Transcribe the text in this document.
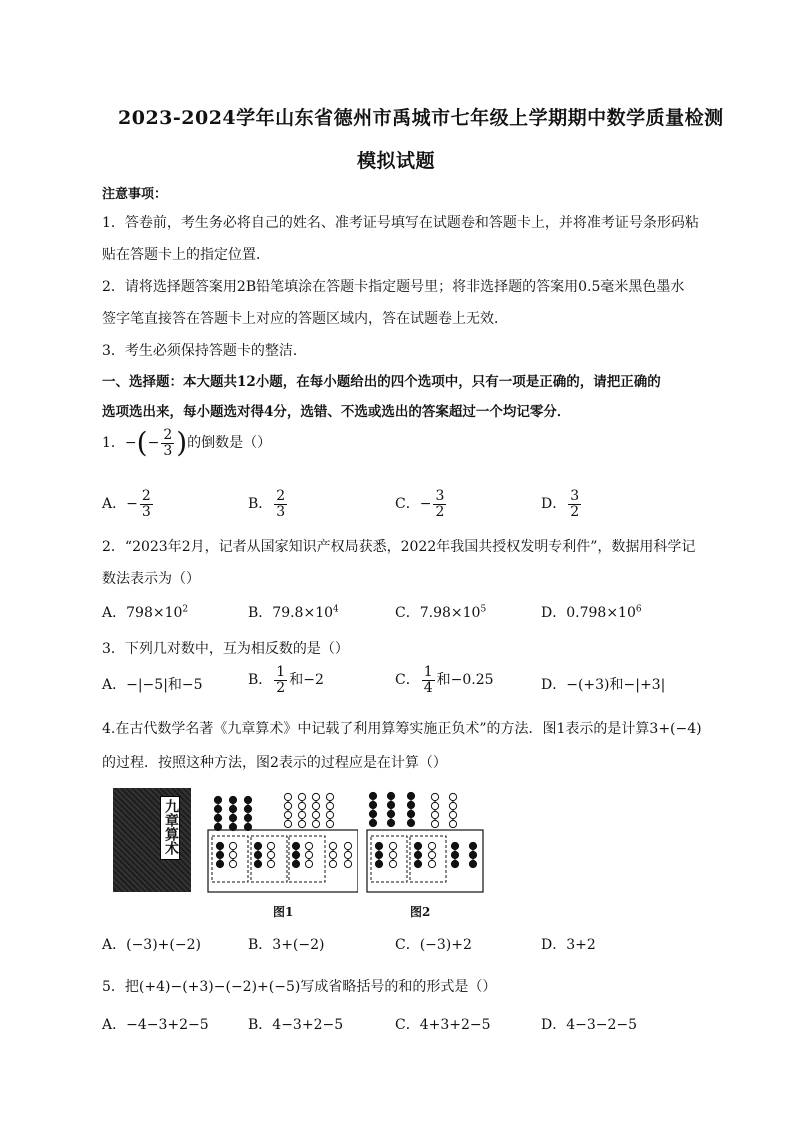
2023-2024学年山东省德州市禹城市七年级上学期期中数学质量检测
模拟试题
注意事项：
1．答卷前，考生务必将自己的姓名、准考证号填写在试题卷和答题卡上，并将准考证号条形码粘
贴在答题卡上的指定位置．
2．请将选择题答案用2B铅笔填涂在答题卡指定题号里；将非选择题的答案用0.5毫米黑色墨水
签字笔直接答在答题卡上对应的答题区域内，答在试题卷上无效．
3．考生必须保持答题卡的整洁．
一、选择题：本大题共12小题，在每小题给出的四个选项中，只有一项是正确的，请把正确的
选项选出来，每小题选对得4分，选错、不选或选出的答案超过一个均记零分．
1．−(− $\frac{2}{3}$ )的倒数是（）
A．− $\frac{2}{3}$	B． $\frac{2}{3}$	C．− $\frac{3}{2}$	D． $\frac{3}{2}$
2．“2023年2月，记者从国家知识产权局获悉，2022年我国共授权发明专利件”，数据用科学记
数法表示为（）
A．$798\times 10^2$	B．$79.8\times 10^4$	C．$7.98\times 10^5$	D．$0.798\times 10^6$
3．下列几对数中，互为相反数的是（）
A．−|−5|和−5	B． $\frac{1}{2}$ 和−2	C． $\frac{1}{4}$ 和−0.25	D．−(+3)和−|+3|
4.在古代数学名著《九章算术》中记载了利用算筹实施正负术”的方法．图1表示的是计算3+(−4)
的过程．按照这种方法，图2表示的过程应是在计算（）
九章算术
图1	图2
A．(−3)+(−2)	B．3+(−2)	C．(−3)+2	D．3+2
5．把(+4)−(+3)−(−2)+(−5)写成省略括号的和的形式是（）
A．−4−3+2−5	B．4−3+2−5	C．4+3+2−5	D．4−3−2−5
